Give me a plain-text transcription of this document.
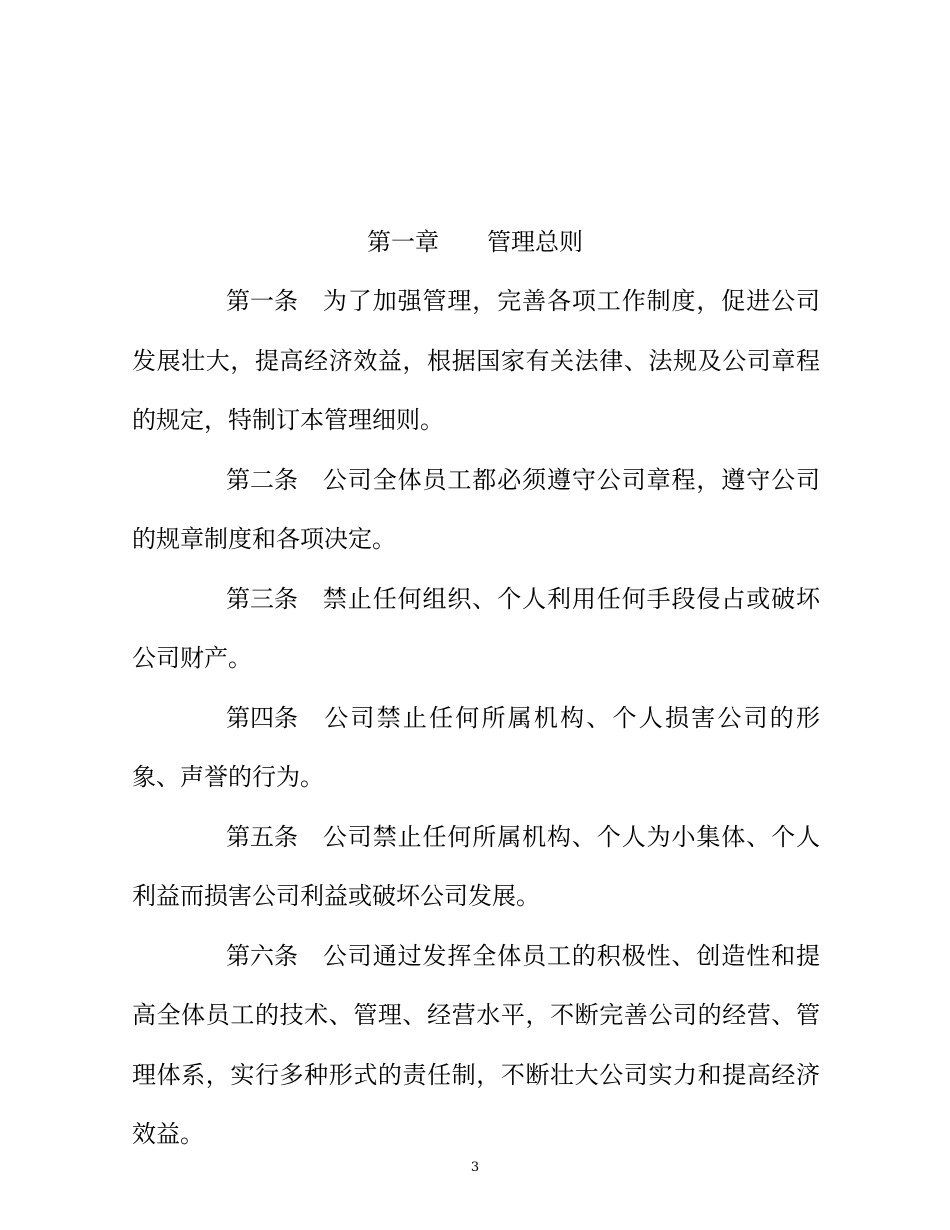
第一章　　管理总则

第一条 为了加强管理，完善各项工作制度，促进公司发展壮大，提高经济效益，根据国家有关法律、法规及公司章程的规定，特制订本管理细则。

第二条 公司全体员工都必须遵守公司章程，遵守公司的规章制度和各项决定。

第三条 禁止任何组织、个人利用任何手段侵占或破坏公司财产。

第四条 公司禁止任何所属机构、个人损害公司的形象、声誉的行为。

第五条 公司禁止任何所属机构、个人为小集体、个人利益而损害公司利益或破坏公司发展。

第六条 公司通过发挥全体员工的积极性、创造性和提高全体员工的技术、管理、经营水平，不断完善公司的经营、管理体系，实行多种形式的责任制，不断壮大公司实力和提高经济效益。

3
